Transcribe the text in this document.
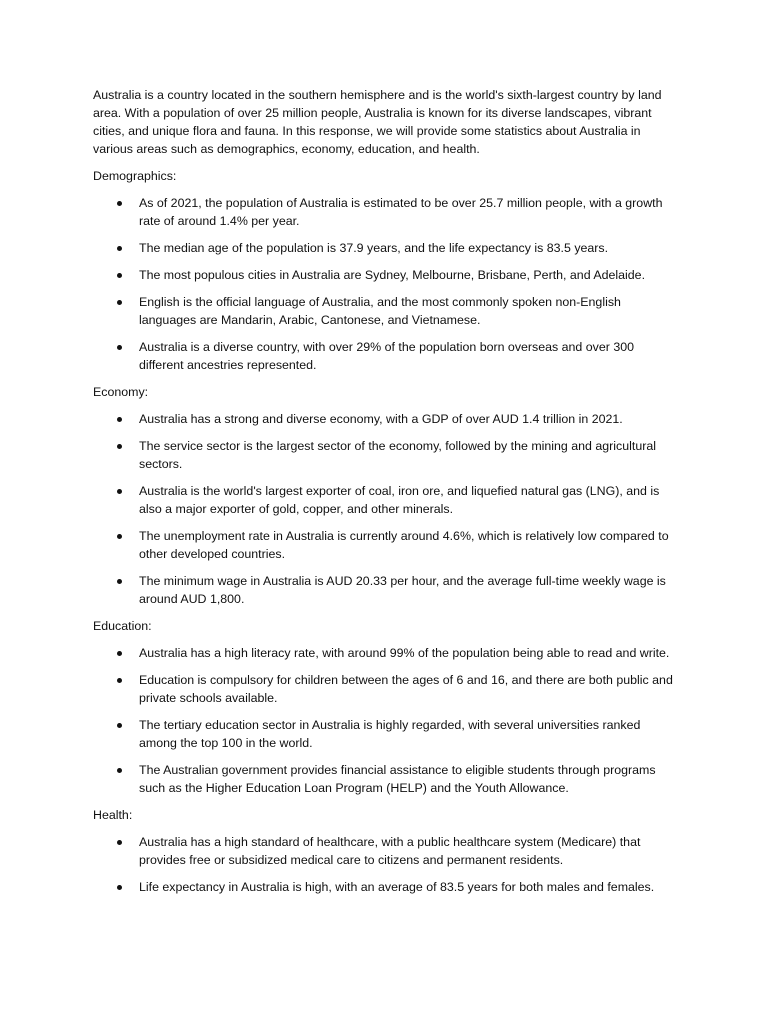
Australia is a country located in the southern hemisphere and is the world's sixth-largest country by land area. With a population of over 25 million people, Australia is known for its diverse landscapes, vibrant cities, and unique flora and fauna. In this response, we will provide some statistics about Australia in various areas such as demographics, economy, education, and health.

Demographics:

As of 2021, the population of Australia is estimated to be over 25.7 million people, with a growth rate of around 1.4% per year.
The median age of the population is 37.9 years, and the life expectancy is 83.5 years.
The most populous cities in Australia are Sydney, Melbourne, Brisbane, Perth, and Adelaide.
English is the official language of Australia, and the most commonly spoken non-English languages are Mandarin, Arabic, Cantonese, and Vietnamese.
Australia is a diverse country, with over 29% of the population born overseas and over 300 different ancestries represented.

Economy:

Australia has a strong and diverse economy, with a GDP of over AUD 1.4 trillion in 2021.
The service sector is the largest sector of the economy, followed by the mining and agricultural sectors.
Australia is the world's largest exporter of coal, iron ore, and liquefied natural gas (LNG), and is also a major exporter of gold, copper, and other minerals.
The unemployment rate in Australia is currently around 4.6%, which is relatively low compared to other developed countries.
The minimum wage in Australia is AUD 20.33 per hour, and the average full-time weekly wage is around AUD 1,800.

Education:

Australia has a high literacy rate, with around 99% of the population being able to read and write.
Education is compulsory for children between the ages of 6 and 16, and there are both public and private schools available.
The tertiary education sector in Australia is highly regarded, with several universities ranked among the top 100 in the world.
The Australian government provides financial assistance to eligible students through programs such as the Higher Education Loan Program (HELP) and the Youth Allowance.

Health:

Australia has a high standard of healthcare, with a public healthcare system (Medicare) that provides free or subsidized medical care to citizens and permanent residents.
Life expectancy in Australia is high, with an average of 83.5 years for both males and females.
